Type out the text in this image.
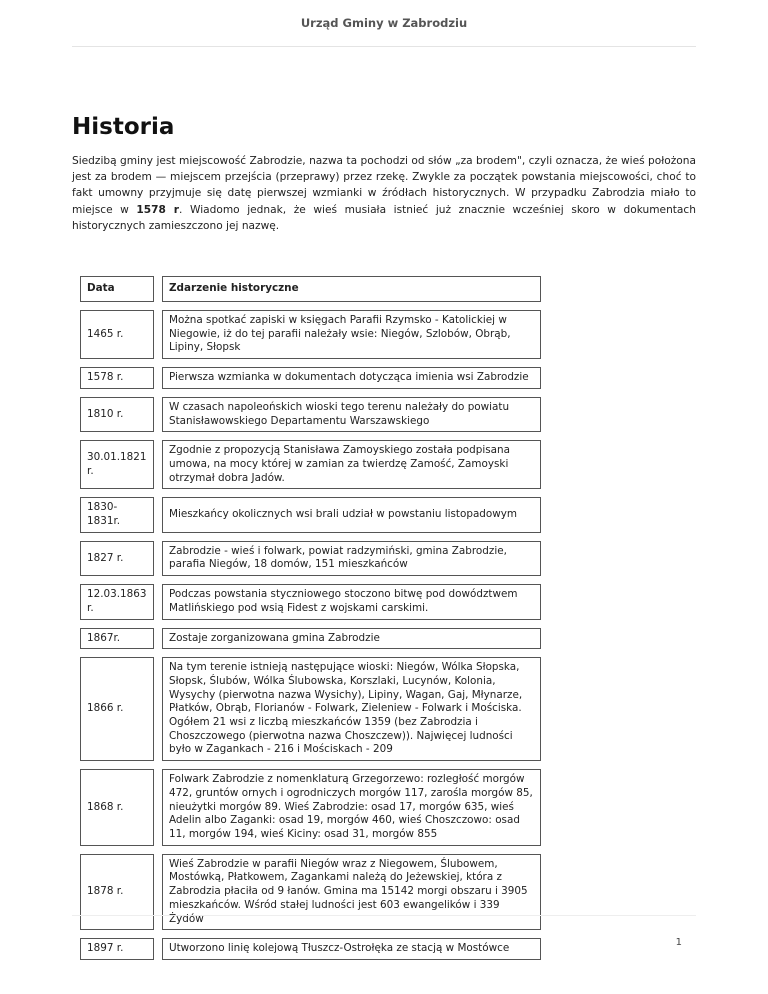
Urząd Gminy w Zabrodziu
Historia

Siedzibą gminy jest miejscowość Zabrodzie, nazwa ta pochodzi od słów „za brodem", czyli oznacza, że wieś położona jest za brodem — miejscem przejścia (przeprawy) przez rzekę. Zwykle za początek powstania miejscowości, choć to fakt umowny przyjmuje się datę pierwszej wzmianki w źródłach historycznych. W przypadku Zabrodzia miało to miejsce w 1578 r. Wiadomo jednak, że wieś musiała istnieć już znacznie wcześniej skoro w dokumentach historycznych zamieszczono jej nazwę.

Data	Zdarzenie historyczne
1465 r.	Można spotkać zapiski w księgach Parafii Rzymsko - Katolickiej w Niegowie, iż do tej parafii należały wsie: Niegów, Szlobów, Obrąb, Lipiny, Słopsk
1578 r.	Pierwsza wzmianka w dokumentach dotycząca imienia wsi Zabrodzie
1810 r.	W czasach napoleońskich wioski tego terenu należały do powiatu Stanisławowskiego Departamentu Warszawskiego
30.01.1821 r.	Zgodnie z propozycją Stanisława Zamoyskiego została podpisana umowa, na mocy której w zamian za twierdzę Zamość, Zamoyski otrzymał dobra Jadów.
1830-1831r.	Mieszkańcy okolicznych wsi brali udział w powstaniu listopadowym
1827 r.	Zabrodzie - wieś i folwark, powiat radzymiński, gmina Zabrodzie, parafia Niegów, 18 domów, 151 mieszkańców
12.03.1863 r.	Podczas powstania styczniowego stoczono bitwę pod dowództwem Matlińskiego pod wsią Fidest z wojskami carskimi.
1867r.	Zostaje zorganizowana gmina Zabrodzie
1866 r.	Na tym terenie istnieją następujące wioski: Niegów, Wólka Słopska, Słopsk, Ślubów, Wólka Ślubowska, Korszlaki, Lucynów, Kolonia, Wysychy (pierwotna nazwa Wysichy), Lipiny, Wagan, Gaj, Młynarze, Płatków, Obrąb, Florianów - Folwark, Zieleniew - Folwark i Mościska. Ogółem 21 wsi z liczbą mieszkańców 1359 (bez Zabrodzia i Choszczowego (pierwotna nazwa Choszczew)). Najwięcej ludności było w Zagankach - 216 i Mościskach - 209
1868 r.	Folwark Zabrodzie z nomenklaturą Grzegorzewo: rozległość morgów 472, gruntów ornych i ogrodniczych morgów 117, zarośla morgów 85, nieużytki morgów 89. Wieś Zabrodzie: osad 17, morgów 635, wieś Adelin albo Zaganki: osad 19, morgów 460, wieś Choszczowo: osad 11, morgów 194, wieś Kiciny: osad 31, morgów 855
1878 r.	Wieś Zabrodzie w parafii Niegów wraz z Niegowem, Ślubowem, Mostówką, Płatkowem, Zagankami należą do Jeżewskiej, która z Zabrodzia płaciła od 9 łanów. Gmina ma 15142 morgi obszaru i 3905 mieszkańców. Wśród stałej ludności jest 603 ewangelików i 339 Żydów
1897 r.	Utworzono linię kolejową Tłuszcz-Ostrołęka ze stacją w Mostówce	1
